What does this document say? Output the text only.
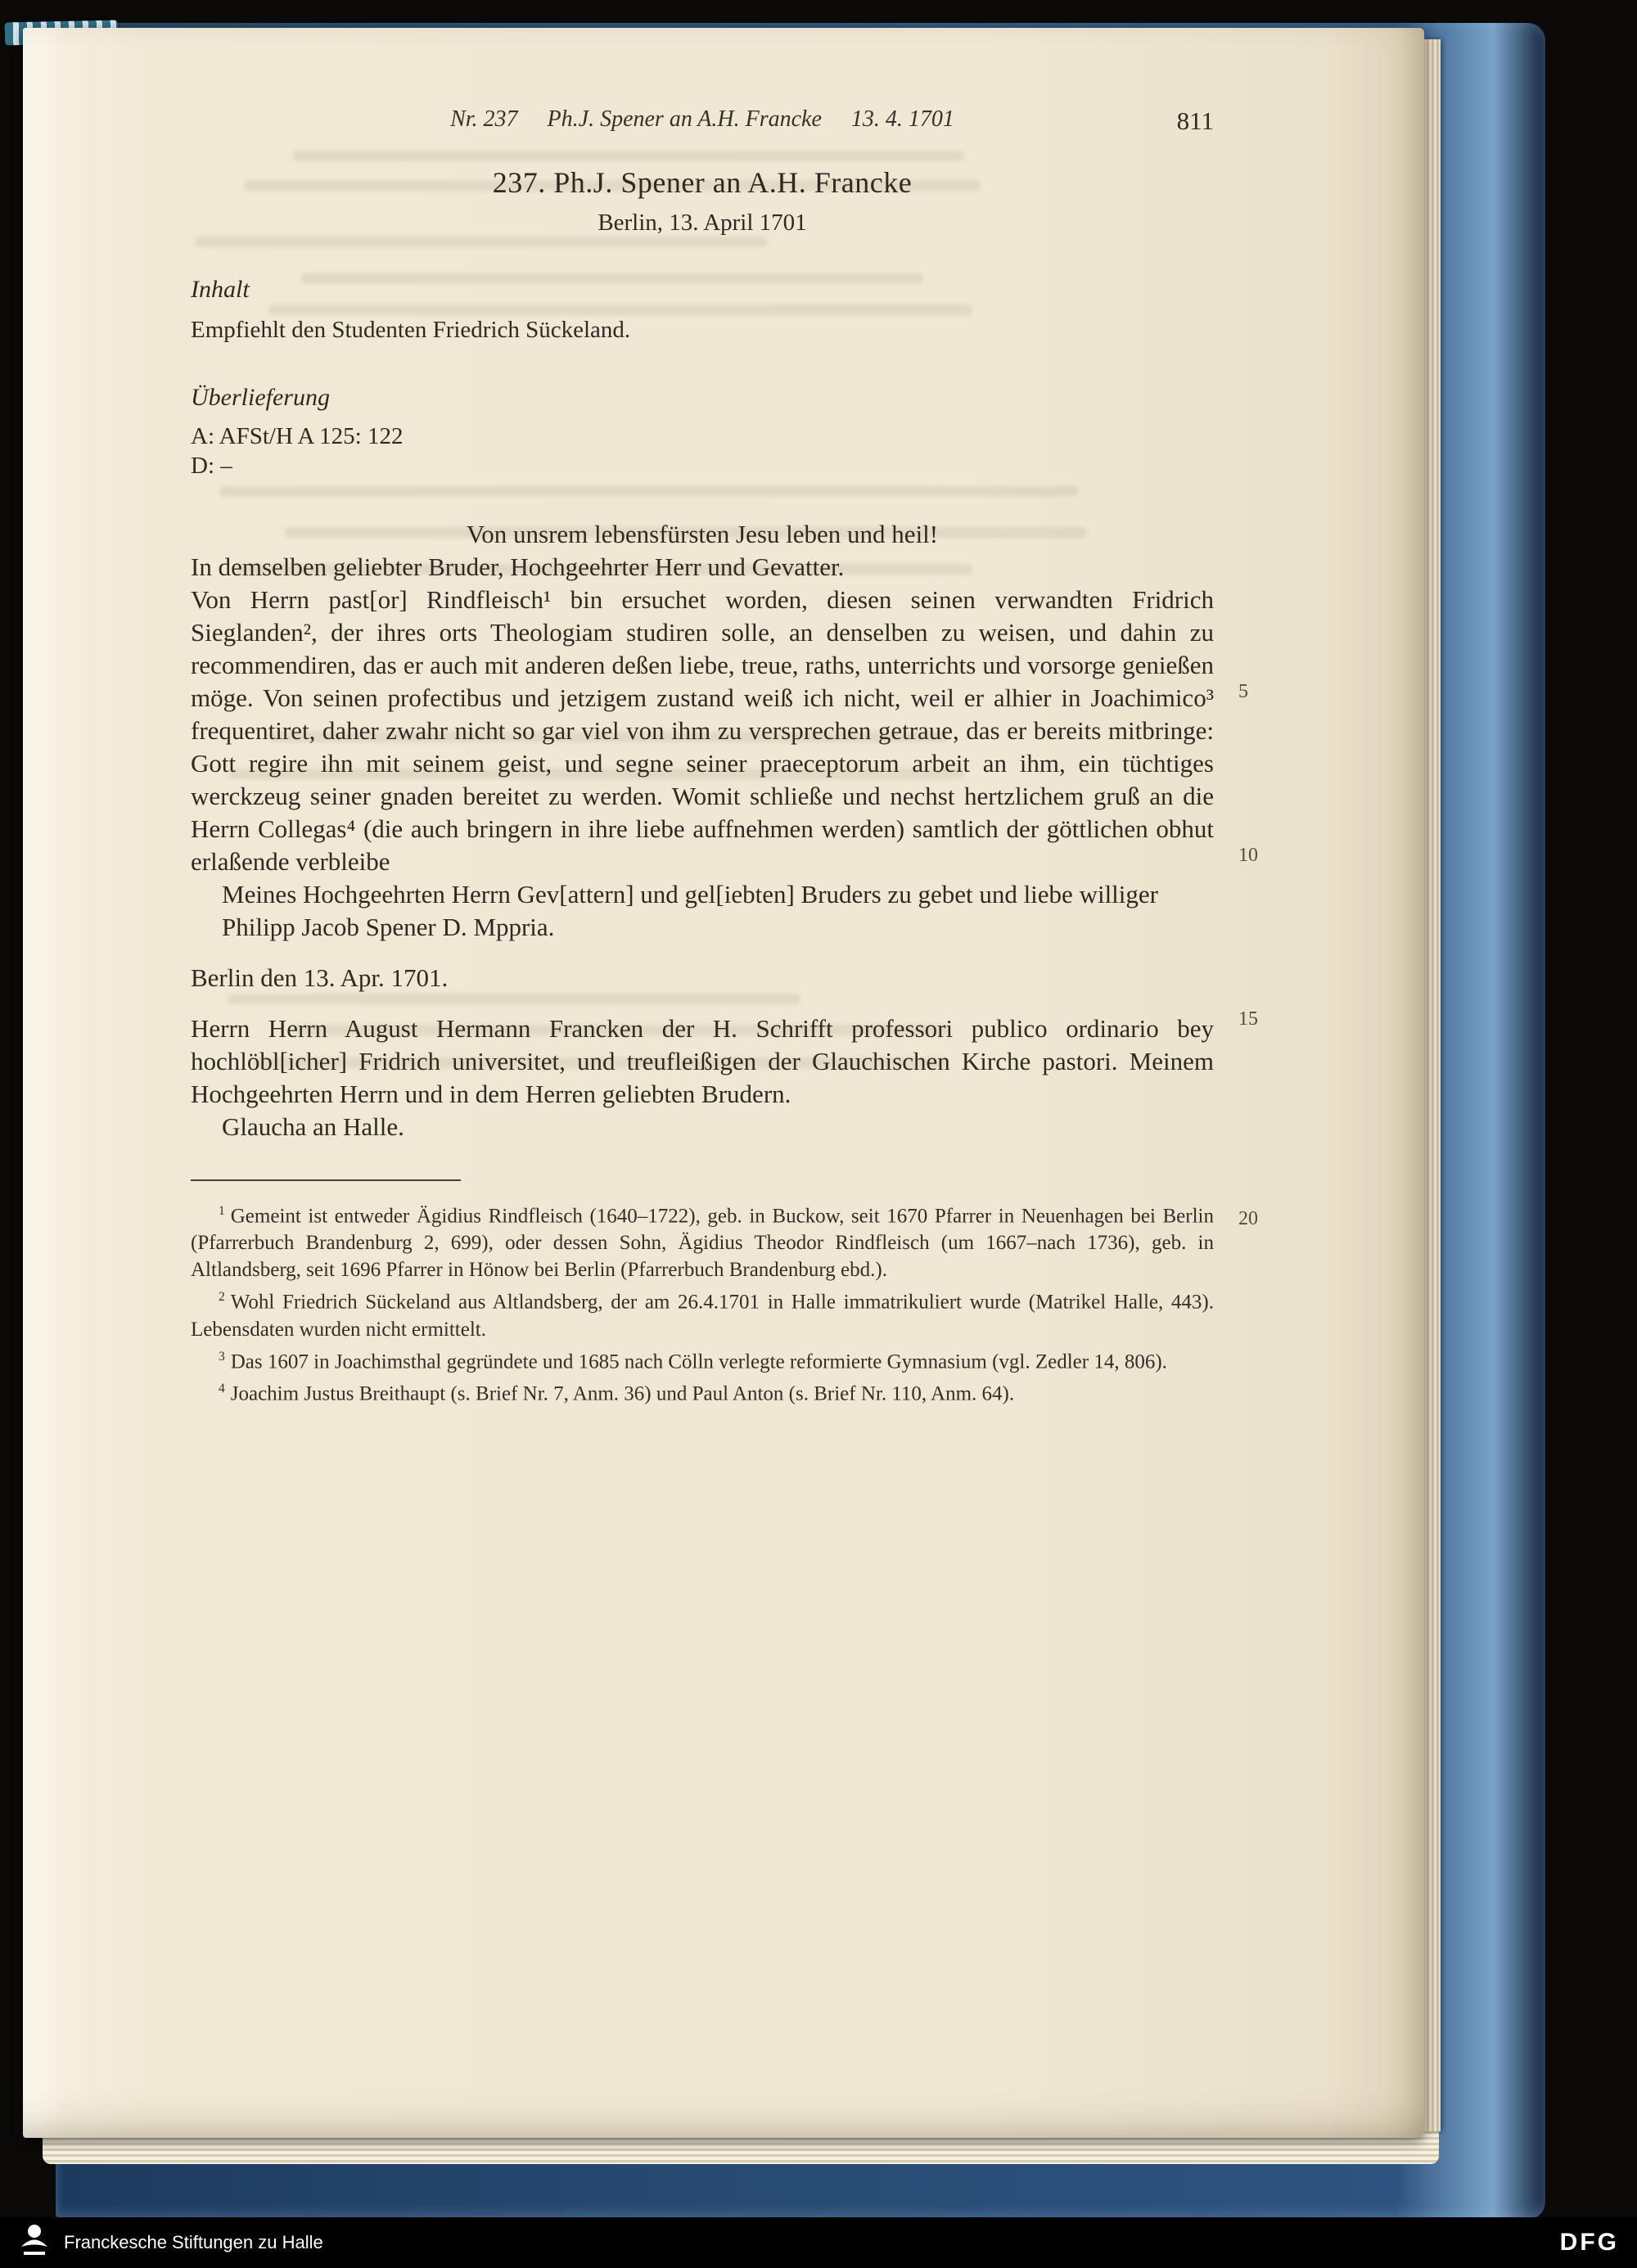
Nr. 237 Ph.J. Spener an A.H. Francke 13. 4. 1701	811
237. Ph.J. Spener an A.H. Francke
Berlin, 13. April 1701
Inhalt
Empfiehlt den Studenten Friedrich Sückeland.
Überlieferung
A: AFSt/H A 125: 122
D: –

Von unsrem lebensfürsten Jesu leben und heil!

In demselben geliebter Bruder, Hochgeehrter Herr und Gevatter.

Von Herrn past[or] Rindfleisch¹ bin ersuchet worden, diesen seinen verwandten Fridrich Sieglanden², der ihres orts Theologiam studiren solle, an denselben zu weisen, und dahin zu recommendiren, das er auch mit anderen deßen liebe, treue, raths, unterrichts und vorsorge genießen möge. Von seinen profectibus und jetzigem zustand weiß ich nicht, weil er alhier in Joachimico³ frequentiret, daher zwahr nicht so gar viel von ihm zu versprechen getraue, das er bereits mitbringe: Gott regire ihn mit seinem geist, und segne seiner praeceptorum arbeit an ihm, ein tüchtiges werckzeug seiner gnaden bereitet zu werden. Womit schließe und nechst hertzlichem gruß an die Herrn Collegas⁴ (die auch bringern in ihre liebe auffnehmen werden) samtlich der göttlichen obhut erlaßende verbleibe

Meines Hochgeehrten Herrn Gev[attern] und gel[iebten] Bruders zu gebet und liebe williger

Philipp Jacob Spener D. Mppria.

Berlin den 13. Apr. 1701.

Herrn Herrn August Hermann Francken der H. Schrifft professori publico ordinario bey hochlöbl[icher] Fridrich universitet, und treufleißigen der Glauchischen Kirche pastori. Meinem Hochgeehrten Herrn und in dem Herren geliebten Brudern.

Glaucha an Halle.

5
10
15
20

$^1$ Gemeint ist entweder Ägidius Rindfleisch (1640–1722), geb. in Buckow, seit 1670 Pfarrer in Neuenhagen bei Berlin (Pfarrerbuch Brandenburg 2, 699), oder dessen Sohn, Ägidius Theodor Rindfleisch (um 1667–nach 1736), geb. in Altlandsberg, seit 1696 Pfarrer in Hönow bei Berlin (Pfarrerbuch Brandenburg ebd.).

$^2$ Wohl Friedrich Sückeland aus Altlandsberg, der am 26.4.1701 in Halle immatrikuliert wurde (Matrikel Halle, 443). Lebensdaten wurden nicht ermittelt.

$^3$ Das 1607 in Joachimsthal gegründete und 1685 nach Cölln verlegte reformierte Gymnasium (vgl. Zedler 14, 806).

$^4$ Joachim Justus Breithaupt (s. Brief Nr. 7, Anm. 36) und Paul Anton (s. Brief Nr. 110, Anm. 64).

Franckesche Stiftungen zu Halle	DFG
